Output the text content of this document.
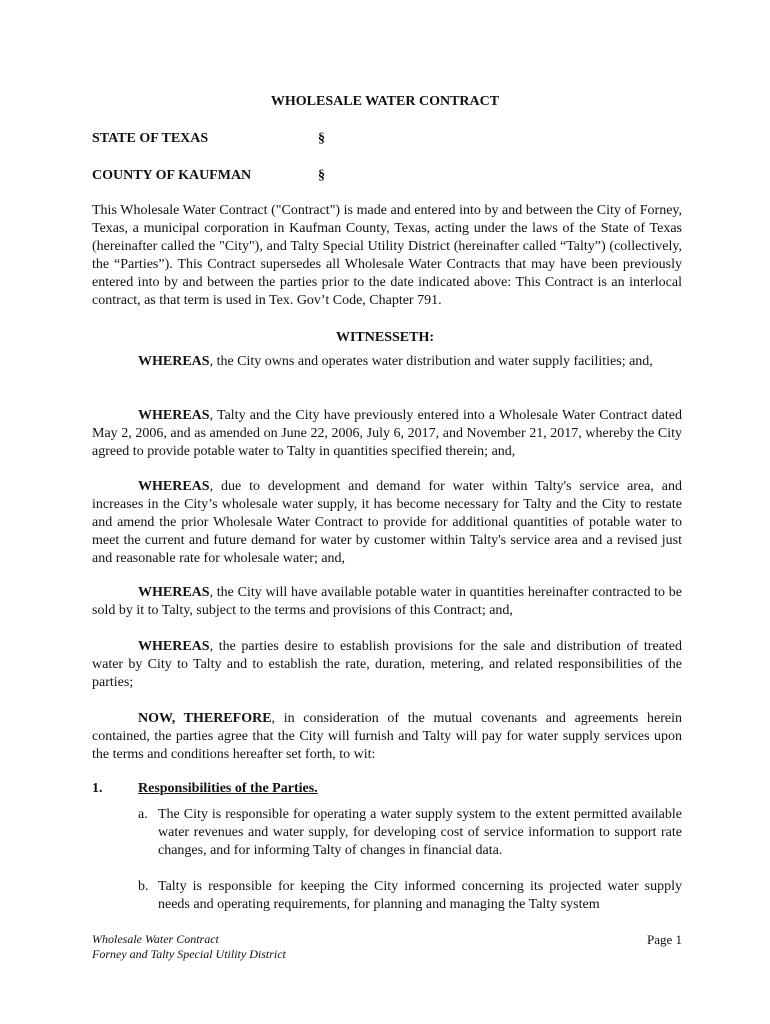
WHOLESALE WATER CONTRACT
STATE OF TEXAS	§
COUNTY OF KAUFMAN	§

This Wholesale Water Contract ("Contract") is made and entered into by and between the City of Forney, Texas, a municipal corporation in Kaufman County, Texas, acting under the laws of the State of Texas (hereinafter called the "City"), and Talty Special Utility District (hereinafter called “Talty”) (collectively, the “Parties”). This Contract supersedes all Wholesale Water Contracts that may have been previously entered into by and between the parties prior to the date indicated above: This Contract is an interlocal contract, as that term is used in Tex. Gov’t Code, Chapter 791.

WITNESSETH:

WHEREAS, the City owns and operates water distribution and water supply facilities; and,

WHEREAS, Talty and the City have previously entered into a Wholesale Water Contract dated May 2, 2006, and as amended on June 22, 2006, July 6, 2017, and November 21, 2017, whereby the City agreed to provide potable water to Talty in quantities specified therein; and,

WHEREAS, due to development and demand for water within Talty's service area, and increases in the City’s wholesale water supply, it has become necessary for Talty and the City to restate and amend the prior Wholesale Water Contract to provide for additional quantities of potable water to meet the current and future demand for water by customer within Talty's service area and a revised just and reasonable rate for wholesale water; and,

WHEREAS, the City will have available potable water in quantities hereinafter contracted to be sold by it to Talty, subject to the terms and provisions of this Contract; and,

WHEREAS, the parties desire to establish provisions for the sale and distribution of treated water by City to Talty and to establish the rate, duration, metering, and related responsibilities of the parties;

NOW, THEREFORE, in consideration of the mutual covenants and agreements herein contained, the parties agree that the City will furnish and Talty will pay for water supply services upon the terms and conditions hereafter set forth, to wit:

1.	Responsibilities of the Parties.
a. The City is responsible for operating a water supply system to the extent permitted available water revenues and water supply, for developing cost of service information to support rate changes, and for informing Talty of changes in financial data.
b. Talty is responsible for keeping the City informed concerning its projected water supply needs and operating requirements, for planning and managing the Talty system
Wholesale Water Contract
Forney and Talty Special Utility District
Page 1
